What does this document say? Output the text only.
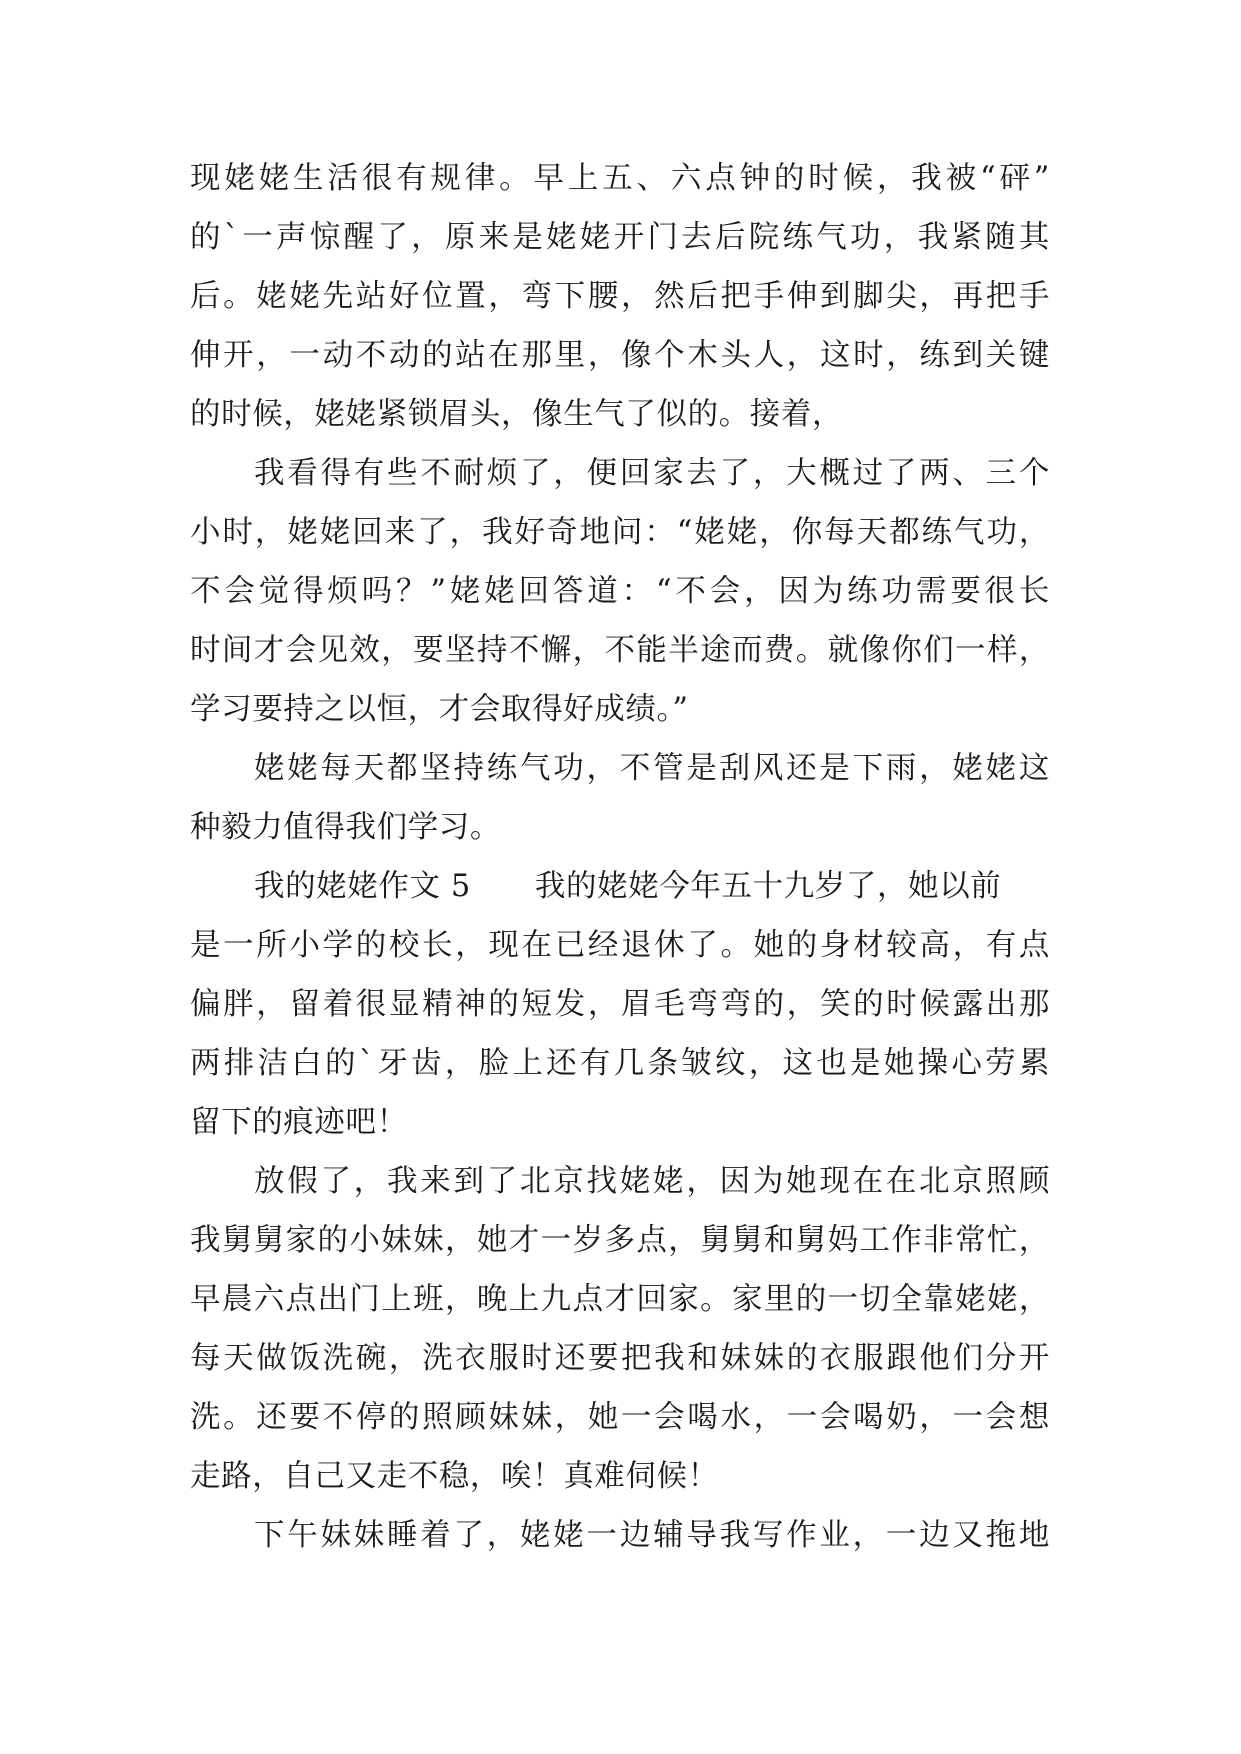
现姥姥生活很有规律。早上五、六点钟的时候，我被“砰”
的`一声惊醒了，原来是姥姥开门去后院练气功，我紧随其
后。姥姥先站好位置，弯下腰，然后把手伸到脚尖，再把手
伸开，一动不动的站在那里，像个木头人，这时，练到关键
的时候，姥姥紧锁眉头，像生气了似的。接着，
我看得有些不耐烦了，便回家去了，大概过了两、三个
小时，姥姥回来了，我好奇地问：“姥姥，你每天都练气功，
不会觉得烦吗？”姥姥回答道：“不会，因为练功需要很长
时间才会见效，要坚持不懈，不能半途而费。就像你们一样，
学习要持之以恒，才会取得好成绩。”
姥姥每天都坚持练气功，不管是刮风还是下雨，姥姥这
种毅力值得我们学习。
我的姥姥作文 5 我的姥姥今年五十九岁了，她以前
是一所小学的校长，现在已经退休了。她的身材较高，有点
偏胖，留着很显精神的短发，眉毛弯弯的，笑的时候露出那
两排洁白的`牙齿，脸上还有几条皱纹，这也是她操心劳累
留下的痕迹吧！
放假了，我来到了北京找姥姥，因为她现在在北京照顾
我舅舅家的小妹妹，她才一岁多点，舅舅和舅妈工作非常忙，
早晨六点出门上班，晚上九点才回家。家里的一切全靠姥姥，
每天做饭洗碗，洗衣服时还要把我和妹妹的衣服跟他们分开
洗。还要不停的照顾妹妹，她一会喝水，一会喝奶，一会想
走路，自己又走不稳，唉！真难伺候！
下午妹妹睡着了，姥姥一边辅导我写作业，一边又拖地
